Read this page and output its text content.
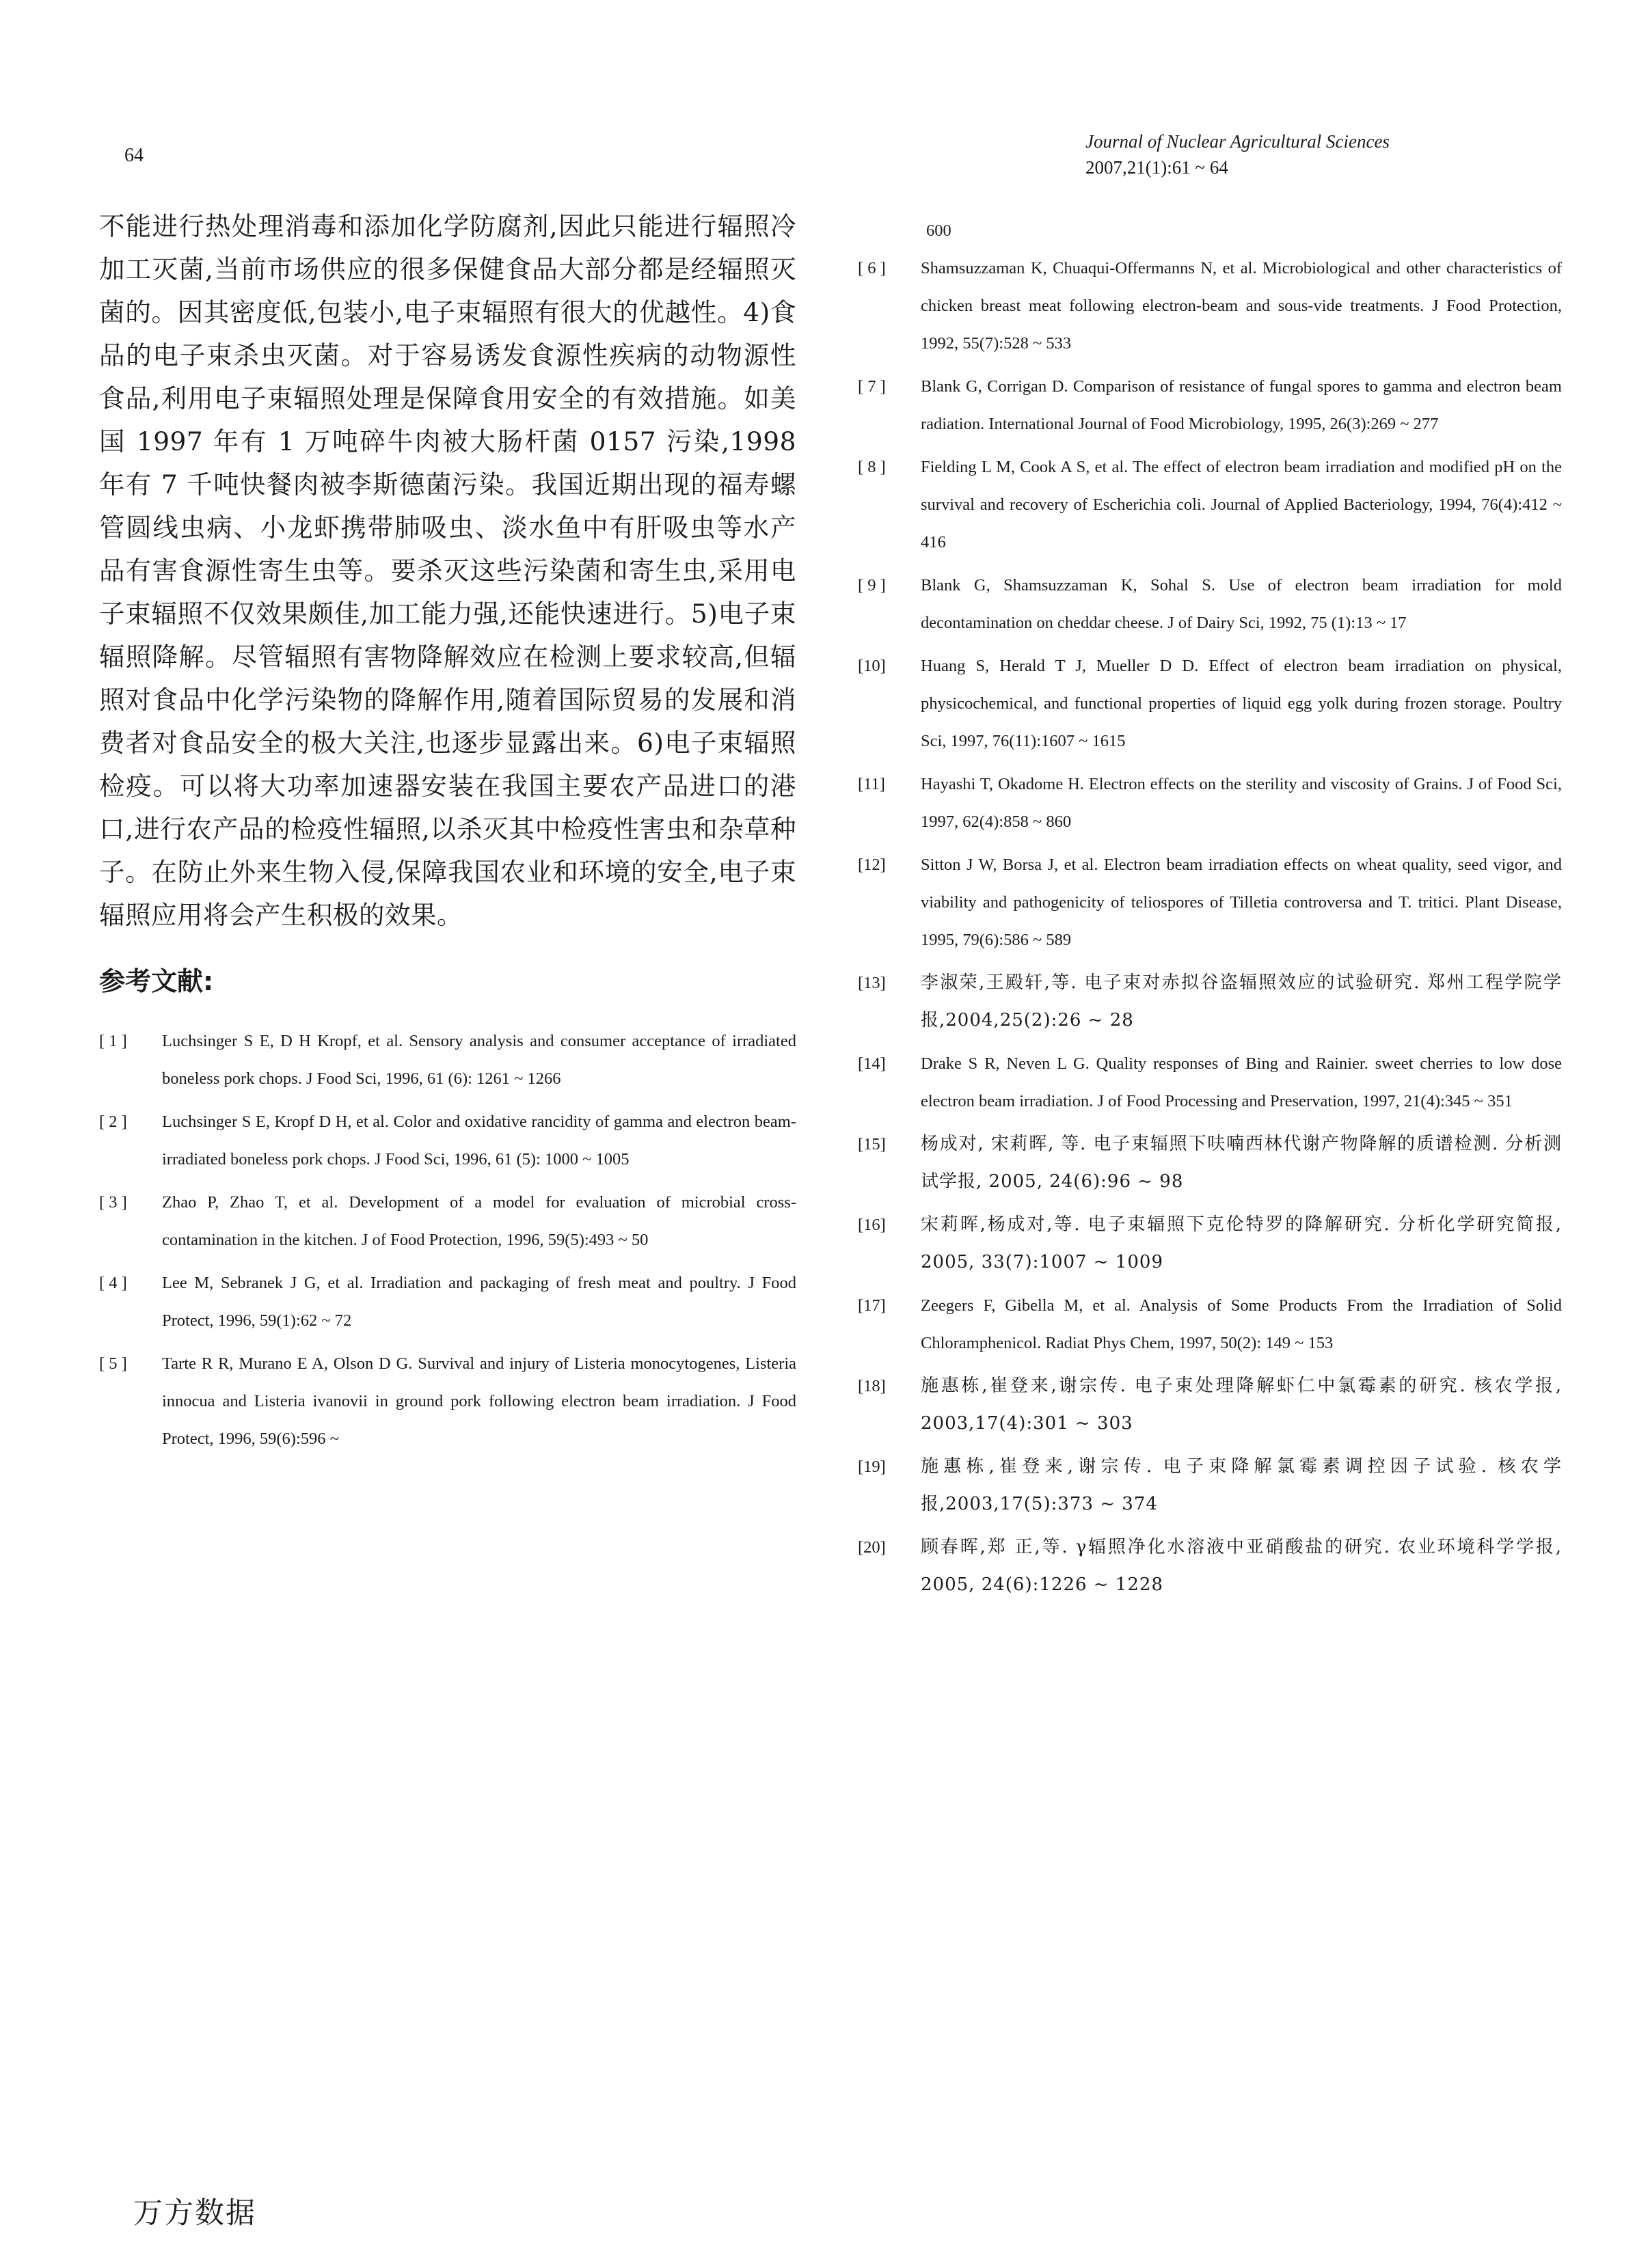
64
Journal of Nuclear Agricultural Sciences
2007,21(1):61 ~ 64

不能进行热处理消毒和添加化学防腐剂,因此只能进行辐照冷加工灭菌,当前市场供应的很多保健食品大部分都是经辐照灭菌的。因其密度低,包装小,电子束辐照有很大的优越性。4)食品的电子束杀虫灭菌。对于容易诱发食源性疾病的动物源性食品,利用电子束辐照处理是保障食用安全的有效措施。如美国 1997 年有 1 万吨碎牛肉被大肠杆菌 0157 污染,1998 年有 7 千吨快餐肉被李斯德菌污染。我国近期出现的福寿螺管圆线虫病、小龙虾携带肺吸虫、淡水鱼中有肝吸虫等水产品有害食源性寄生虫等。要杀灭这些污染菌和寄生虫,采用电子束辐照不仅效果颇佳,加工能力强,还能快速进行。5)电子束辐照降解。尽管辐照有害物降解效应在检测上要求较高,但辐照对食品中化学污染物的降解作用,随着国际贸易的发展和消费者对食品安全的极大关注,也逐步显露出来。6)电子束辐照检疫。可以将大功率加速器安装在我国主要农产品进口的港口,进行农产品的检疫性辐照,以杀灭其中检疫性害虫和杂草种子。在防止外来生物入侵,保障我国农业和环境的安全,电子束辐照应用将会产生积极的效果。

参考文献:
[ 1 ]	Luchsinger S E, D H Kropf, et al. Sensory analysis and consumer acceptance of irradiated boneless pork chops. J Food Sci, 1996, 61 (6): 1261 ~ 1266
[ 2 ]	Luchsinger S E, Kropf D H, et al. Color and oxidative rancidity of gamma and electron beam-irradiated boneless pork chops. J Food Sci, 1996, 61 (5): 1000 ~ 1005
[ 3 ]	Zhao P, Zhao T, et al. Development of a model for evaluation of microbial cross-contamination in the kitchen. J of Food Protection, 1996, 59(5):493 ~ 50
[ 4 ]	Lee M, Sebranek J G, et al. Irradiation and packaging of fresh meat and poultry. J Food Protect, 1996, 59(1):62 ~ 72
[ 5 ]	Tarte R R, Murano E A, Olson D G. Survival and injury of Listeria monocytogenes, Listeria innocua and Listeria ivanovii in ground pork following electron beam irradiation. J Food Protect, 1996, 59(6):596 ~
600
[ 6 ]	Shamsuzzaman K, Chuaqui-Offermanns N, et al. Microbiological and other characteristics of chicken breast meat following electron-beam and sous-vide treatments. J Food Protection, 1992, 55(7):528 ~ 533
[ 7 ]	Blank G, Corrigan D. Comparison of resistance of fungal spores to gamma and electron beam radiation. International Journal of Food Microbiology, 1995, 26(3):269 ~ 277
[ 8 ]	Fielding L M, Cook A S, et al. The effect of electron beam irradiation and modified pH on the survival and recovery of Escherichia coli. Journal of Applied Bacteriology, 1994, 76(4):412 ~ 416
[ 9 ]	Blank G, Shamsuzzaman K, Sohal S. Use of electron beam irradiation for mold decontamination on cheddar cheese. J of Dairy Sci, 1992, 75 (1):13 ~ 17
[10]	Huang S, Herald T J, Mueller D D. Effect of electron beam irradiation on physical, physicochemical, and functional properties of liquid egg yolk during frozen storage. Poultry Sci, 1997, 76(11):1607 ~ 1615
[11]	Hayashi T, Okadome H. Electron effects on the sterility and viscosity of Grains. J of Food Sci, 1997, 62(4):858 ~ 860
[12]	Sitton J W, Borsa J, et al. Electron beam irradiation effects on wheat quality, seed vigor, and viability and pathogenicity of teliospores of Tilletia controversa and T. tritici. Plant Disease, 1995, 79(6):586 ~ 589
[13]	李淑荣,王殿轩,等. 电子束对赤拟谷盗辐照效应的试验研究. 郑州工程学院学报,2004,25(2):26 ~ 28
[14]	Drake S R, Neven L G. Quality responses of Bing and Rainier. sweet cherries to low dose electron beam irradiation. J of Food Processing and Preservation, 1997, 21(4):345 ~ 351
[15]	杨成对, 宋莉晖, 等. 电子束辐照下呋喃西林代谢产物降解的质谱检测. 分析测试学报, 2005, 24(6):96 ~ 98
[16]	宋莉晖,杨成对,等. 电子束辐照下克伦特罗的降解研究. 分析化学研究简报, 2005, 33(7):1007 ~ 1009
[17]	Zeegers F, Gibella M, et al. Analysis of Some Products From the Irradiation of Solid Chloramphenicol. Radiat Phys Chem, 1997, 50(2): 149 ~ 153
[18]	施惠栋,崔登来,谢宗传. 电子束处理降解虾仁中氯霉素的研究. 核农学报, 2003,17(4):301 ~ 303
[19]	施惠栋,崔登来,谢宗传. 电子束降解氯霉素调控因子试验. 核农学报,2003,17(5):373 ~ 374
[20]	顾春晖,郑 正,等. γ辐照净化水溶液中亚硝酸盐的研究. 农业环境科学学报, 2005, 24(6):1226 ~ 1228
万方数据
